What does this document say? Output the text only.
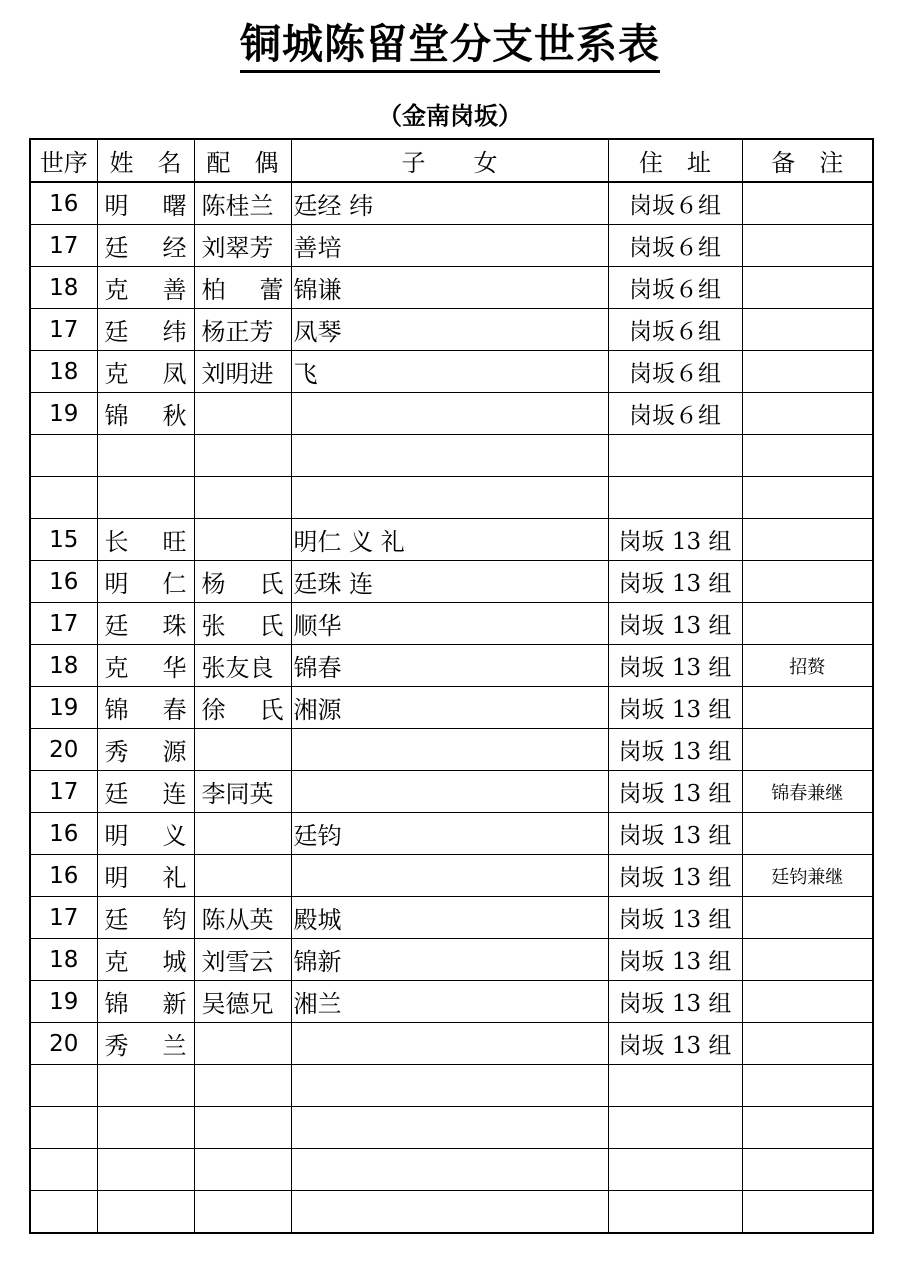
铜城陈留堂分支世系表
（金南岗坂）
世序	姓　名	配　偶	子　　女	住　址	备　注
16	明 曙	陈桂兰	廷经 纬	岗坂６组	
17	廷 经	刘翠芳	善培	岗坂６组	
18	克 善	柏 蕾	锦谦	岗坂６组	
17	廷 纬	杨正芳	凤琴	岗坂６组	
18	克 凤	刘明进	飞	岗坂６组	
19	锦 秋			岗坂６组	

15	长 旺		明仁 义 礼	岗坂 13 组	
16	明 仁	杨 氏	廷珠 连	岗坂 13 组	
17	廷 珠	张 氏	顺华	岗坂 13 组	
18	克 华	张友良	锦春	岗坂 13 组	招赘
19	锦 春	徐 氏	湘源	岗坂 13 组	
20	秀 源			岗坂 13 组	
17	廷 连	李同英		岗坂 13 组	锦春兼继
16	明 义		廷钧	岗坂 13 组	
16	明 礼			岗坂 13 组	廷钧兼继
17	廷 钧	陈从英	殿城	岗坂 13 组	
18	克 城	刘雪云	锦新	岗坂 13 组	
19	锦 新	吴德兄	湘兰	岗坂 13 组	
20	秀 兰			岗坂 13 组	
